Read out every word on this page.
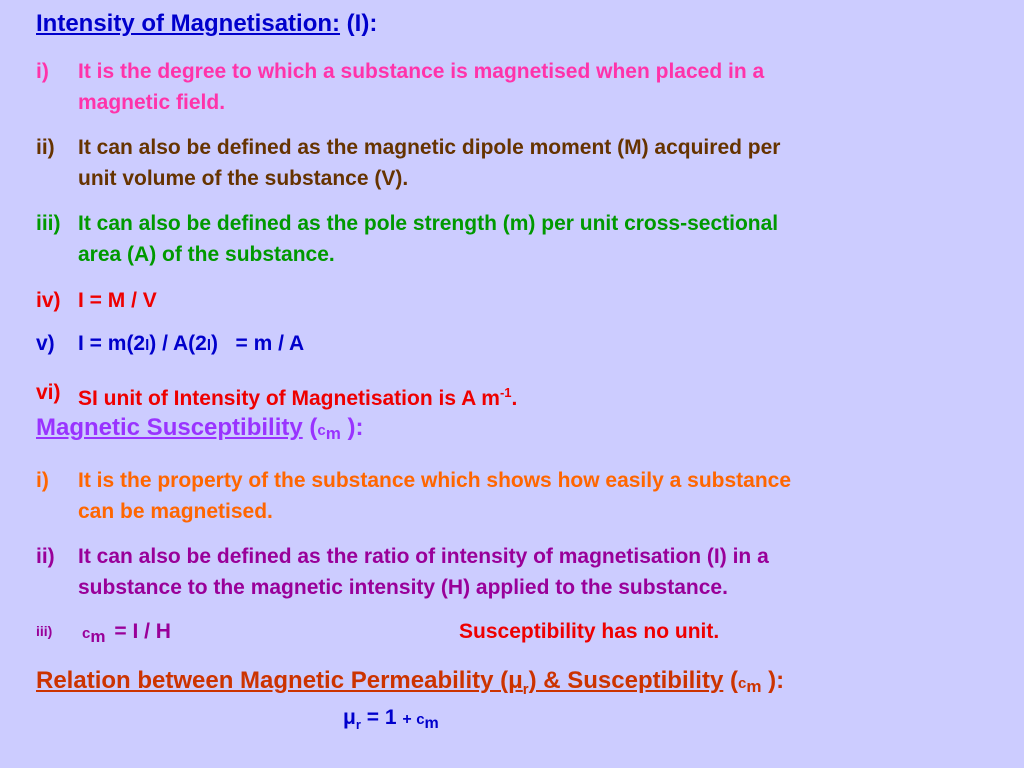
Intensity of Magnetisation: (I):
i) It is the degree to which a substance is magnetised when placed in a
magnetic field.
ii) It can also be defined as the magnetic dipole moment (M) acquired per
unit volume of the substance (V).
iii) It can also be defined as the pole strength (m) per unit cross-sectional
area (A) of the substance.
iv) I = M / V
v) I = m(2l) / A(2l) = m / A
vi) SI unit of Intensity of Magnetisation is A $m^{-1}$.
Magnetic Susceptibility (cm ):
i) It is the property of the substance which shows how easily a substance
can be magnetised.
ii) It can also be defined as the ratio of intensity of magnetisation (I) in a
substance to the magnetic intensity (H) applied to the substance.
iii) cm = I / H	Susceptibility has no unit.
Relation between Magnetic Permeability $(\mu_r)$ & Susceptibility (cm ):
$\mu_r = 1$ + cm
